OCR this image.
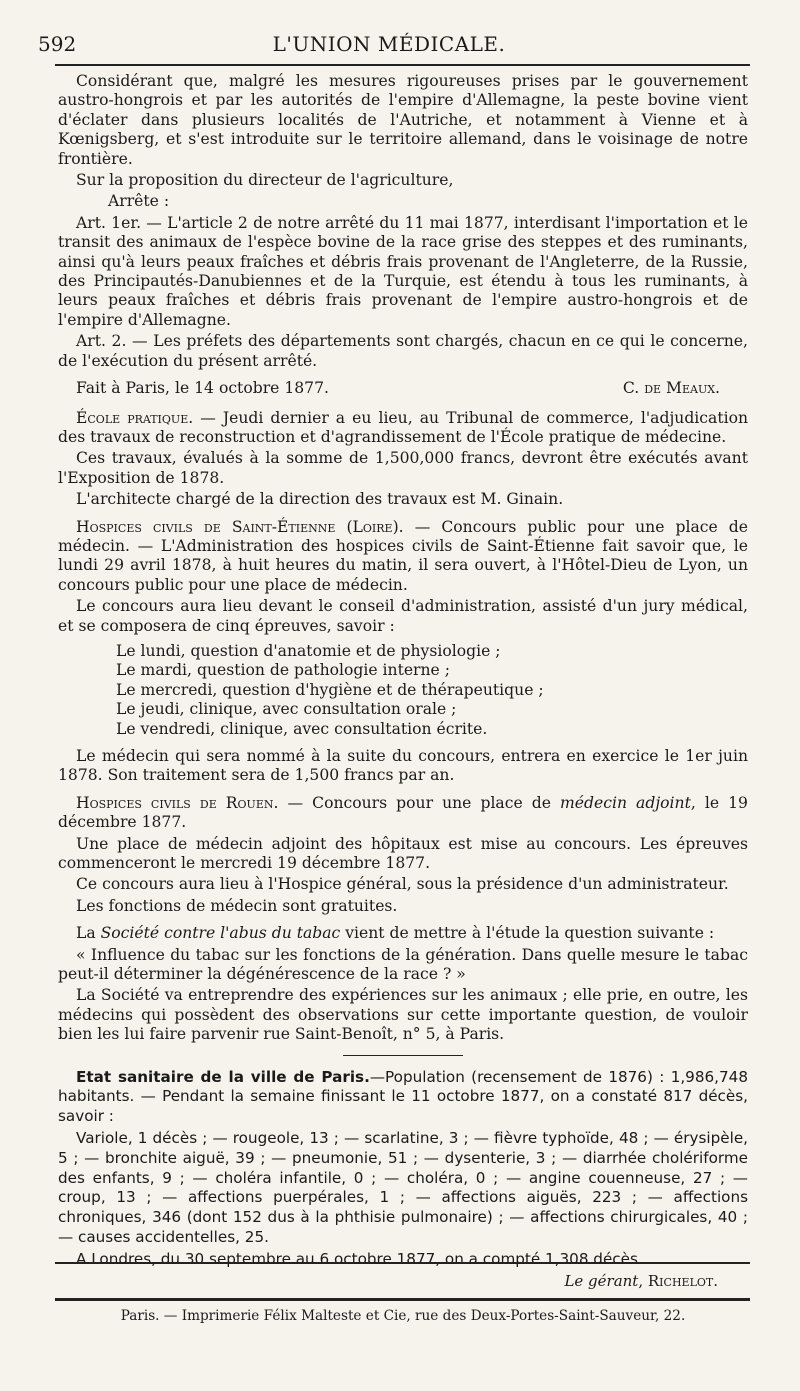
592	L'UNION MÉDICALE.

Considérant que, malgré les mesures rigoureuses prises par le gouvernement austro-hongrois et par les autorités de l'empire d'Allemagne, la peste bovine vient d'éclater dans plusieurs localités de l'Autriche, et notamment à Vienne et à Kœnigsberg, et s'est introduite sur le territoire allemand, dans le voisinage de notre frontière.

Sur la proposition du directeur de l'agriculture,

Arrête :

Art. 1er. — L'article 2 de notre arrêté du 11 mai 1877, interdisant l'importation et le transit des animaux de l'espèce bovine de la race grise des steppes et des ruminants, ainsi qu'à leurs peaux fraîches et débris frais provenant de l'Angleterre, de la Russie, des Principautés-Danubiennes et de la Turquie, est étendu à tous les ruminants, à leurs peaux fraîches et débris frais provenant de l'empire austro-hongrois et de l'empire d'Allemagne.

Art. 2. — Les préfets des départements sont chargés, chacun en ce qui le concerne, de l'exécution du présent arrêté.

Fait à Paris, le 14 octobre 1877.	C. de Meaux.

École pratique. — Jeudi dernier a eu lieu, au Tribunal de commerce, l'adjudication des travaux de reconstruction et d'agrandissement de l'École pratique de médecine.

Ces travaux, évalués à la somme de 1,500,000 francs, devront être exécutés avant l'Exposition de 1878.

L'architecte chargé de la direction des travaux est M. Ginain.

Hospices civils de Saint-Étienne (Loire). — Concours public pour une place de médecin. — L'Administration des hospices civils de Saint-Étienne fait savoir que, le lundi 29 avril 1878, à huit heures du matin, il sera ouvert, à l'Hôtel-Dieu de Lyon, un concours public pour une place de médecin.

Le concours aura lieu devant le conseil d'administration, assisté d'un jury médical, et se composera de cinq épreuves, savoir :

Le lundi, question d'anatomie et de physiologie ;
Le mardi, question de pathologie interne ;
Le mercredi, question d'hygiène et de thérapeutique ;
Le jeudi, clinique, avec consultation orale ;
Le vendredi, clinique, avec consultation écrite.

Le médecin qui sera nommé à la suite du concours, entrera en exercice le 1er juin 1878. Son traitement sera de 1,500 francs par an.

Hospices civils de Rouen. — Concours pour une place de médecin adjoint, le 19 décembre 1877.

Une place de médecin adjoint des hôpitaux est mise au concours. Les épreuves commenceront le mercredi 19 décembre 1877.

Ce concours aura lieu à l'Hospice général, sous la présidence d'un administrateur.

Les fonctions de médecin sont gratuites.

La Société contre l'abus du tabac vient de mettre à l'étude la question suivante :

« Influence du tabac sur les fonctions de la génération. Dans quelle mesure le tabac peut-il déterminer la dégénérescence de la race ? »

La Société va entreprendre des expériences sur les animaux ; elle prie, en outre, les médecins qui possèdent des observations sur cette importante question, de vouloir bien les lui faire parvenir rue Saint-Benoît, n° 5, à Paris.

Etat sanitaire de la ville de Paris.—Population (recensement de 1876) : 1,986,748 habitants. — Pendant la semaine finissant le 11 octobre 1877, on a constaté 817 décès, savoir :

Variole, 1 décès ; — rougeole, 13 ; — scarlatine, 3 ; — fièvre typhoïde, 48 ; — érysipèle, 5 ; — bronchite aiguë, 39 ; — pneumonie, 51 ; — dysenterie, 3 ; — diarrhée cholériforme des enfants, 9 ; — choléra infantile, 0 ; — choléra, 0 ; — angine couenneuse, 27 ; — croup, 13 ; — affections puerpérales, 1 ; — affections aiguës, 223 ; — affections chroniques, 346 (dont 152 dus à la phthisie pulmonaire) ; — affections chirurgicales, 40 ; — causes accidentelles, 25.

A Londres, du 30 septembre au 6 octobre 1877, on a compté 1,308 décès.

Le gérant, Richelot.
Paris. — Imprimerie Félix Malteste et Cie, rue des Deux-Portes-Saint-Sauveur, 22.
